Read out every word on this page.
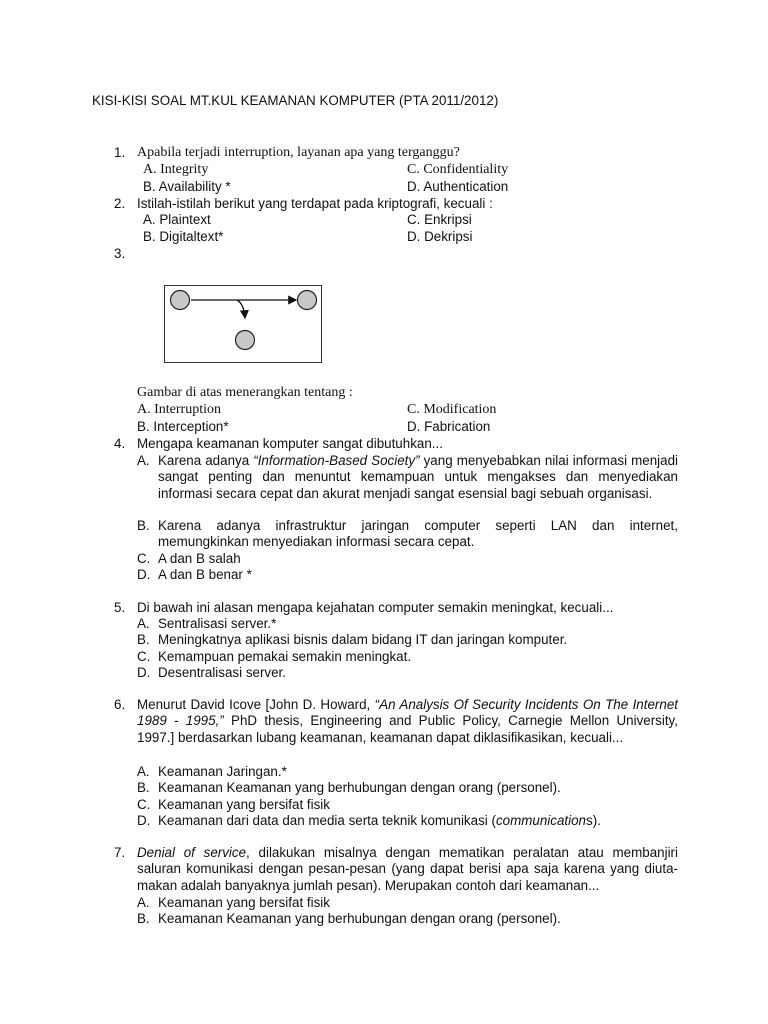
KISI-KISI SOAL MT.KUL KEAMANAN KOMPUTER (PTA 2011/2012)
1. Apabila terjadi interruption, layanan apa yang terganggu?
A. Integrity	C. Confidentiality
B. Availability *	D. Authentication
2. Istilah-istilah berikut yang terdapat pada kriptografi, kecuali :
A. Plaintext	C. Enkripsi
B. Digitaltext*	D. Dekripsi
3.
Gambar di atas menerangkan tentang :
A. Interruption	C. Modification
B. Interception*	D. Fabrication
4. Mengapa keamanan komputer sangat dibutuhkan...
A. Karena adanya “Information-Based Society” yang menyebabkan nilai informasi menjadi sangat penting dan menuntut kemampuan untuk mengakses dan menyediakan informasi secara cepat dan akurat menjadi sangat esensial bagi sebuah organisasi.
B. Karena adanya infrastruktur jaringan computer seperti LAN dan internet, memungkinkan menyediakan informasi secara cepat.
C. A dan B salah
D. A dan B benar *
5. Di bawah ini alasan mengapa kejahatan computer semakin meningkat, kecuali...
A. Sentralisasi server.*
B. Meningkatnya aplikasi bisnis dalam bidang IT dan jaringan komputer.
C. Kemampuan pemakai semakin meningkat.
D. Desentralisasi server.
6. Menurut David Icove [John D. Howard, “An Analysis Of Security Incidents On The Internet 1989 - 1995,” PhD thesis, Engineering and Public Policy, Carnegie Mellon University, 1997.] berdasarkan lubang keamanan, keamanan dapat diklasifikasikan, kecuali...
A. Keamanan Jaringan.*
B. Keamanan Keamanan yang berhubungan dengan orang (personel).
C. Keamanan yang bersifat fisik
D. Keamanan dari data dan media serta teknik komunikasi (communications).
7. Denial of service, dilakukan misalnya dengan mematikan peralatan atau membanjiri saluran komunikasi dengan pesan-pesan (yang dapat berisi apa saja karena yang diuta-makan adalah banyaknya jumlah pesan). Merupakan contoh dari keamanan...
A. Keamanan yang bersifat fisik
B. Keamanan Keamanan yang berhubungan dengan orang (personel).
